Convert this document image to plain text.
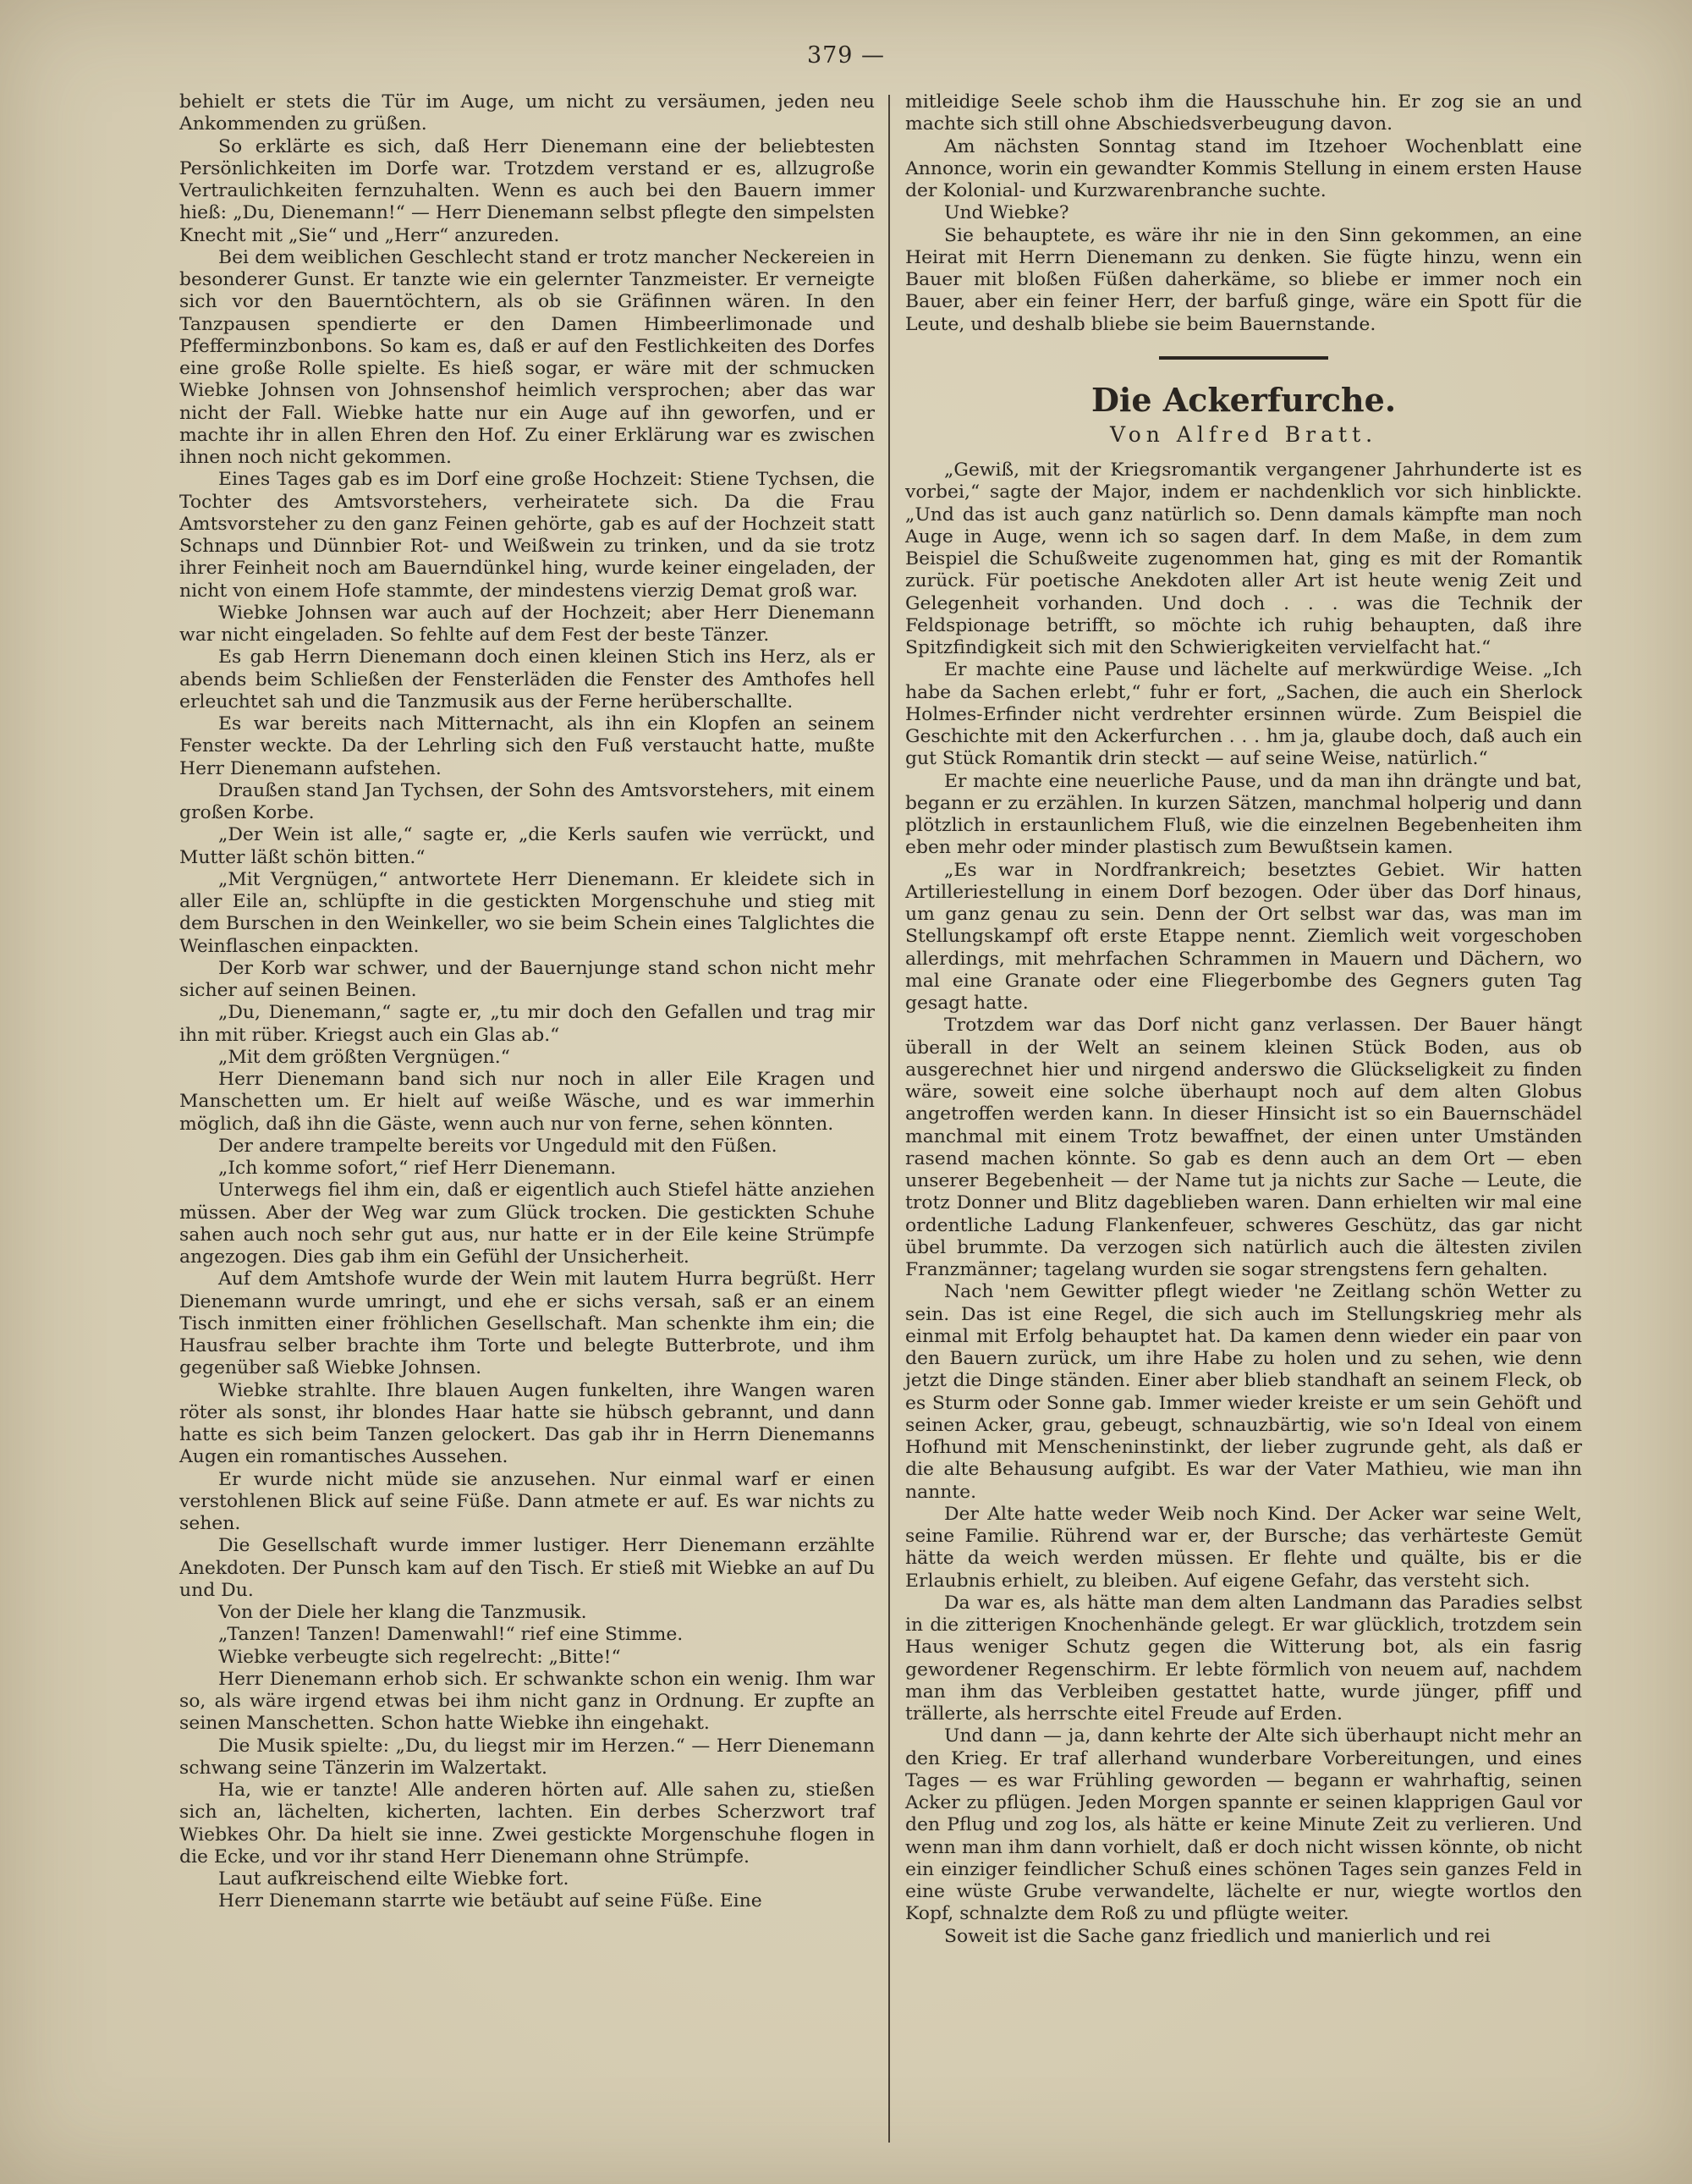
379 —

behielt er stets die Tür im Auge, um nicht zu versäumen, jeden neu Ankommenden zu grüßen.

So erklärte es sich, daß Herr Dienemann eine der beliebtesten Persönlichkeiten im Dorfe war. Trotzdem verstand er es, allzugroße Vertraulichkeiten fernzuhalten. Wenn es auch bei den Bauern immer hieß: „Du, Dienemann!“ — Herr Dienemann selbst pflegte den simpelsten Knecht mit „Sie“ und „Herr“ anzureden.

Bei dem weiblichen Geschlecht stand er trotz mancher Neckereien in besonderer Gunst. Er tanzte wie ein gelernter Tanzmeister. Er verneigte sich vor den Bauerntöchtern, als ob sie Gräfinnen wären. In den Tanzpausen spendierte er den Damen Himbeerlimonade und Pfefferminzbonbons. So kam es, daß er auf den Festlichkeiten des Dorfes eine große Rolle spielte. Es hieß sogar, er wäre mit der schmucken Wiebke Johnsen von Johnsenshof heimlich versprochen; aber das war nicht der Fall. Wiebke hatte nur ein Auge auf ihn geworfen, und er machte ihr in allen Ehren den Hof. Zu einer Erklärung war es zwischen ihnen noch nicht gekommen.

Eines Tages gab es im Dorf eine große Hochzeit: Stiene Tychsen, die Tochter des Amtsvorstehers, verheiratete sich. Da die Frau Amtsvorsteher zu den ganz Feinen gehörte, gab es auf der Hochzeit statt Schnaps und Dünnbier Rot- und Weißwein zu trinken, und da sie trotz ihrer Feinheit noch am Bauerndünkel hing, wurde keiner eingeladen, der nicht von einem Hofe stammte, der mindestens vierzig Demat groß war.

Wiebke Johnsen war auch auf der Hochzeit; aber Herr Dienemann war nicht eingeladen. So fehlte auf dem Fest der beste Tänzer.

Es gab Herrn Dienemann doch einen kleinen Stich ins Herz, als er abends beim Schließen der Fensterläden die Fenster des Amthofes hell erleuchtet sah und die Tanzmusik aus der Ferne herüberschallte.

Es war bereits nach Mitternacht, als ihn ein Klopfen an seinem Fenster weckte. Da der Lehrling sich den Fuß verstaucht hatte, mußte Herr Dienemann aufstehen.

Draußen stand Jan Tychsen, der Sohn des Amtsvorstehers, mit einem großen Korbe.

„Der Wein ist alle,“ sagte er, „die Kerls saufen wie verrückt, und Mutter läßt schön bitten.“

„Mit Vergnügen,“ antwortete Herr Dienemann. Er kleidete sich in aller Eile an, schlüpfte in die gestickten Morgenschuhe und stieg mit dem Burschen in den Weinkeller, wo sie beim Schein eines Talglichtes die Weinflaschen einpackten.

Der Korb war schwer, und der Bauernjunge stand schon nicht mehr sicher auf seinen Beinen.

„Du, Dienemann,“ sagte er, „tu mir doch den Gefallen und trag mir ihn mit rüber. Kriegst auch ein Glas ab.“

„Mit dem größten Vergnügen.“

Herr Dienemann band sich nur noch in aller Eile Kragen und Manschetten um. Er hielt auf weiße Wäsche, und es war immerhin möglich, daß ihn die Gäste, wenn auch nur von ferne, sehen könnten.

Der andere trampelte bereits vor Ungeduld mit den Füßen.

„Ich komme sofort,“ rief Herr Dienemann.

Unterwegs fiel ihm ein, daß er eigentlich auch Stiefel hätte anziehen müssen. Aber der Weg war zum Glück trocken. Die gestickten Schuhe sahen auch noch sehr gut aus, nur hatte er in der Eile keine Strümpfe angezogen. Dies gab ihm ein Gefühl der Unsicherheit.

Auf dem Amtshofe wurde der Wein mit lautem Hurra begrüßt. Herr Dienemann wurde umringt, und ehe er sichs versah, saß er an einem Tisch inmitten einer fröhlichen Gesellschaft. Man schenkte ihm ein; die Hausfrau selber brachte ihm Torte und belegte Butterbrote, und ihm gegenüber saß Wiebke Johnsen.

Wiebke strahlte. Ihre blauen Augen funkelten, ihre Wangen waren röter als sonst, ihr blondes Haar hatte sie hübsch gebrannt, und dann hatte es sich beim Tanzen gelockert. Das gab ihr in Herrn Dienemanns Augen ein romantisches Aussehen.

Er wurde nicht müde sie anzusehen. Nur einmal warf er einen verstohlenen Blick auf seine Füße. Dann atmete er auf. Es war nichts zu sehen.

Die Gesellschaft wurde immer lustiger. Herr Dienemann erzählte Anekdoten. Der Punsch kam auf den Tisch. Er stieß mit Wiebke an auf Du und Du.

Von der Diele her klang die Tanzmusik.

„Tanzen! Tanzen! Damenwahl!“ rief eine Stimme.

Wiebke verbeugte sich regelrecht: „Bitte!“

Herr Dienemann erhob sich. Er schwankte schon ein wenig. Ihm war so, als wäre irgend etwas bei ihm nicht ganz in Ordnung. Er zupfte an seinen Manschetten. Schon hatte Wiebke ihn eingehakt.

Die Musik spielte: „Du, du liegst mir im Herzen.“ — Herr Dienemann schwang seine Tänzerin im Walzertakt.

Ha, wie er tanzte! Alle anderen hörten auf. Alle sahen zu, stießen sich an, lächelten, kicherten, lachten. Ein derbes Scherzwort traf Wiebkes Ohr. Da hielt sie inne. Zwei gestickte Morgenschuhe flogen in die Ecke, und vor ihr stand Herr Dienemann ohne Strümpfe.

Laut aufkreischend eilte Wiebke fort.

Herr Dienemann starrte wie betäubt auf seine Füße. Eine

mitleidige Seele schob ihm die Hausschuhe hin. Er zog sie an und machte sich still ohne Abschiedsverbeugung davon.

Am nächsten Sonntag stand im Itzehoer Wochenblatt eine Annonce, worin ein gewandter Kommis Stellung in einem ersten Hause der Kolonial- und Kurzwarenbranche suchte.

Und Wiebke?

Sie behauptete, es wäre ihr nie in den Sinn gekommen, an eine Heirat mit Herrn Dienemann zu denken. Sie fügte hinzu, wenn ein Bauer mit bloßen Füßen daherkäme, so bliebe er immer noch ein Bauer, aber ein feiner Herr, der barfuß ginge, wäre ein Spott für die Leute, und deshalb bliebe sie beim Bauernstande.

Die Ackerfurche.
Von Alfred Bratt.

„Gewiß, mit der Kriegsromantik vergangener Jahrhunderte ist es vorbei,“ sagte der Major, indem er nachdenklich vor sich hinblickte. „Und das ist auch ganz natürlich so. Denn damals kämpfte man noch Auge in Auge, wenn ich so sagen darf. In dem Maße, in dem zum Beispiel die Schußweite zugenommen hat, ging es mit der Romantik zurück. Für poetische Anekdoten aller Art ist heute wenig Zeit und Gelegenheit vorhanden. Und doch . . . was die Technik der Feldspionage betrifft, so möchte ich ruhig behaupten, daß ihre Spitzfindigkeit sich mit den Schwierigkeiten vervielfacht hat.“

Er machte eine Pause und lächelte auf merkwürdige Weise. „Ich habe da Sachen erlebt,“ fuhr er fort, „Sachen, die auch ein Sherlock Holmes-Erfinder nicht verdrehter ersinnen würde. Zum Beispiel die Geschichte mit den Ackerfurchen . . . hm ja, glaube doch, daß auch ein gut Stück Romantik drin steckt — auf seine Weise, natürlich.“

Er machte eine neuerliche Pause, und da man ihn drängte und bat, begann er zu erzählen. In kurzen Sätzen, manchmal holperig und dann plötzlich in erstaunlichem Fluß, wie die einzelnen Begebenheiten ihm eben mehr oder minder plastisch zum Bewußtsein kamen.

„Es war in Nordfrankreich; besetztes Gebiet. Wir hatten Artilleriestellung in einem Dorf bezogen. Oder über das Dorf hinaus, um ganz genau zu sein. Denn der Ort selbst war das, was man im Stellungskampf oft erste Etappe nennt. Ziemlich weit vorgeschoben allerdings, mit mehrfachen Schrammen in Mauern und Dächern, wo mal eine Granate oder eine Fliegerbombe des Gegners guten Tag gesagt hatte.

Trotzdem war das Dorf nicht ganz verlassen. Der Bauer hängt überall in der Welt an seinem kleinen Stück Boden, aus ob ausgerechnet hier und nirgend anderswo die Glückseligkeit zu finden wäre, soweit eine solche überhaupt noch auf dem alten Globus angetroffen werden kann. In dieser Hinsicht ist so ein Bauernschädel manchmal mit einem Trotz bewaffnet, der einen unter Umständen rasend machen könnte. So gab es denn auch an dem Ort — eben unserer Begebenheit — der Name tut ja nichts zur Sache — Leute, die trotz Donner und Blitz dageblieben waren. Dann erhielten wir mal eine ordentliche Ladung Flankenfeuer, schweres Geschütz, das gar nicht übel brummte. Da verzogen sich natürlich auch die ältesten zivilen Franzmänner; tagelang wurden sie sogar strengstens fern gehalten.

Nach 'nem Gewitter pflegt wieder 'ne Zeitlang schön Wetter zu sein. Das ist eine Regel, die sich auch im Stellungskrieg mehr als einmal mit Erfolg behauptet hat. Da kamen denn wieder ein paar von den Bauern zurück, um ihre Habe zu holen und zu sehen, wie denn jetzt die Dinge ständen. Einer aber blieb standhaft an seinem Fleck, ob es Sturm oder Sonne gab. Immer wieder kreiste er um sein Gehöft und seinen Acker, grau, gebeugt, schnauzbärtig, wie so'n Ideal von einem Hofhund mit Menscheninstinkt, der lieber zugrunde geht, als daß er die alte Behausung aufgibt. Es war der Vater Mathieu, wie man ihn nannte.

Der Alte hatte weder Weib noch Kind. Der Acker war seine Welt, seine Familie. Rührend war er, der Bursche; das verhärteste Gemüt hätte da weich werden müssen. Er flehte und quälte, bis er die Erlaubnis erhielt, zu bleiben. Auf eigene Gefahr, das versteht sich.

Da war es, als hätte man dem alten Landmann das Paradies selbst in die zitterigen Knochenhände gelegt. Er war glücklich, trotzdem sein Haus weniger Schutz gegen die Witterung bot, als ein fasrig gewordener Regenschirm. Er lebte förmlich von neuem auf, nachdem man ihm das Verbleiben gestattet hatte, wurde jünger, pfiff und trällerte, als herrschte eitel Freude auf Erden.

Und dann — ja, dann kehrte der Alte sich überhaupt nicht mehr an den Krieg. Er traf allerhand wunderbare Vorbereitungen, und eines Tages — es war Frühling geworden — begann er wahrhaftig, seinen Acker zu pflügen. Jeden Morgen spannte er seinen klapprigen Gaul vor den Pflug und zog los, als hätte er keine Minute Zeit zu verlieren. Und wenn man ihm dann vorhielt, daß er doch nicht wissen könnte, ob nicht ein einziger feindlicher Schuß eines schönen Tages sein ganzes Feld in eine wüste Grube verwandelte, lächelte er nur, wiegte wortlos den Kopf, schnalzte dem Roß zu und pflügte weiter.

Soweit ist die Sache ganz friedlich und manierlich und rei
